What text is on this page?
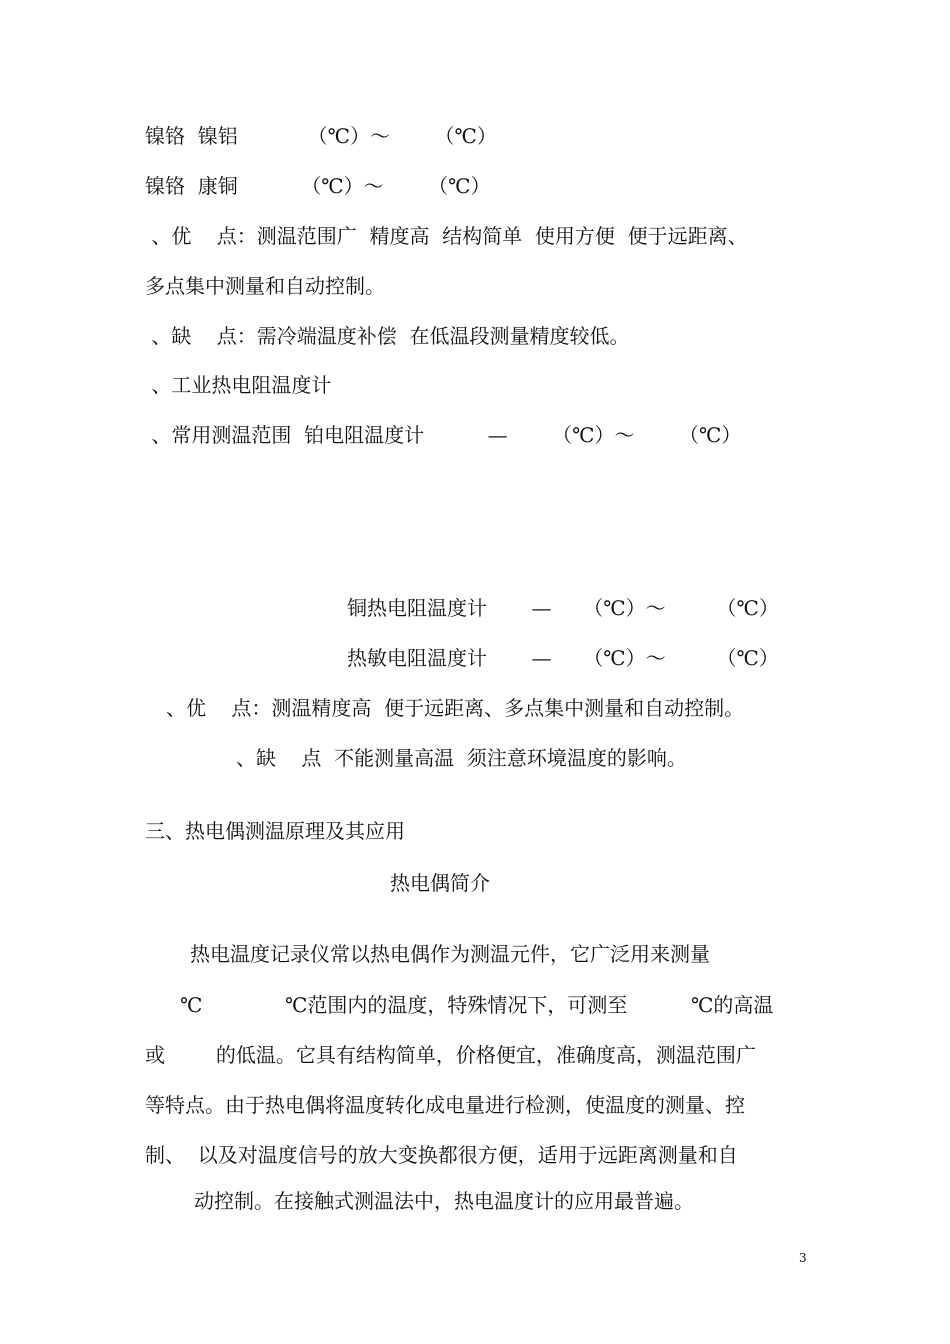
镍铬  镍铝           （℃）～       （℃）
镍铬  康铜          （℃）～       （℃）
、优    点：测温范围广  精度高  结构简单  使用方便  便于远距离、
多点集中测量和自动控制。
、缺    点：需冷端温度补偿  在低温段测量精度较低。
、工业热电阻温度计
、常用测温范围  铂电阻温度计          —       （℃）～       （℃）
铜热电阻温度计       —     （℃）～        （℃）
热敏电阻温度计       —     （℃）～        （℃）
、优    点：测温精度高  便于远距离、多点集中测量和自动控制。
、缺    点  不能测量高温  须注意环境温度的影响。
三、热电偶测温原理及其应用
热电偶简介
热电温度记录仪常以热电偶作为测温元件，它广泛用来测量
℃             ℃范围内的温度，特殊情况下，可测至          ℃的高温
或        的低温。它具有结构简单，价格便宜，准确度高，测温范围广
等特点。由于热电偶将温度转化成电量进行检测，使温度的测量、控
制、  以及对温度信号的放大变换都很方便，适用于远距离测量和自
动控制。在接触式测温法中，热电温度计的应用最普遍。
3
